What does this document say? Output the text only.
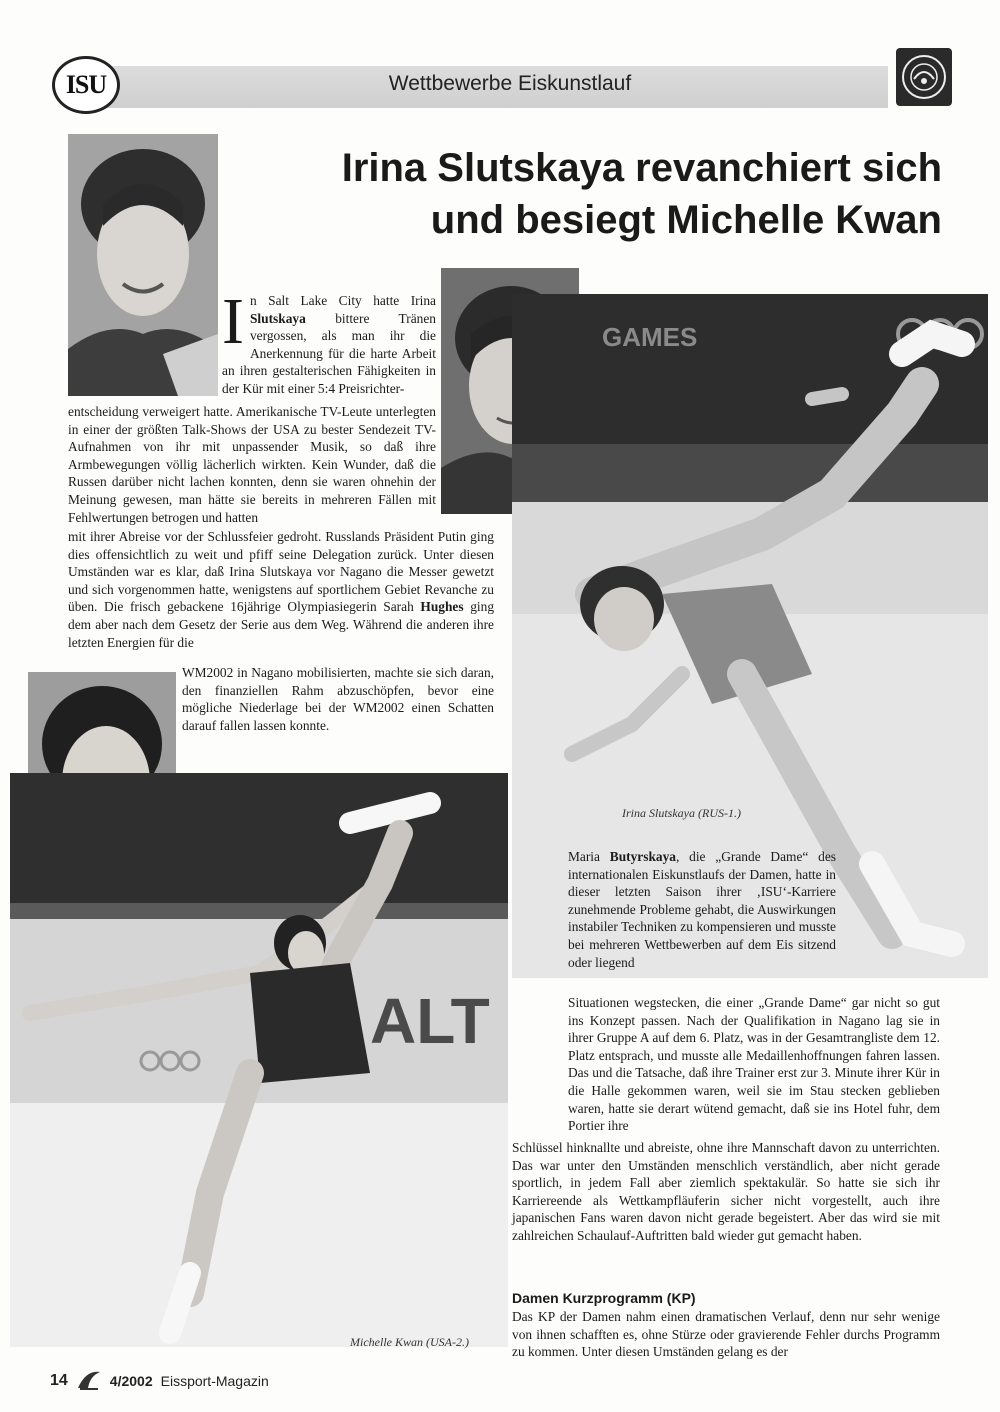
Wettbewerbe Eiskunstlauf
ISU
Irina Slutskaya revanchiert sich
und besiegt Michelle Kwan
GAMES
Irina Slutskaya (RUS-1.)
ALT
Michelle Kwan (USA-2.)
In Salt Lake City hatte Irina Slutskaya bittere Tränen vergossen, als man ihr die Anerkennung für die harte Arbeit an ihren gestalterischen Fähigkeiten in der Kür mit einer 5:4 Preisrichter-
entscheidung verweigert hatte. Amerikanische TV-Leute unterlegten in einer der größten Talk-Shows der USA zu bester Sendezeit TV-Aufnahmen von ihr mit unpassender Musik, so daß ihre Armbewegungen völlig lächerlich wirkten. Kein Wunder, daß die Russen darüber nicht lachen konnten, denn sie waren ohnehin der Meinung gewesen, man hätte sie bereits in mehreren Fällen mit Fehlwertungen betrogen und hatten
mit ihrer Abreise vor der Schlussfeier gedroht. Russlands Präsident Putin ging dies offensichtlich zu weit und pfiff seine Delegation zurück. Unter diesen Umständen war es klar, daß Irina Slutskaya vor Nagano die Messer gewetzt und sich vorgenommen hatte, wenigstens auf sportlichem Gebiet Revanche zu üben. Die frisch gebackene 16jährige Olympiasiegerin Sarah Hughes ging dem aber nach dem Gesetz der Serie aus dem Weg. Während die anderen ihre letzten Energien für die
WM2002 in Nagano mobilisierten, machte sie sich daran, den finanziellen Rahm abzuschöpfen, bevor eine mögliche Niederlage bei der WM2002 einen Schatten darauf fallen lassen konnte.
Maria Butyrskaya, die „Grande Dame“ des internationalen Eiskunstlaufs der Damen, hatte in dieser letzten Saison ihrer ‚ISU‘-Karriere zunehmende Probleme gehabt, die Auswirkungen instabiler Techniken zu kompensieren und musste bei mehreren Wettbewerben auf dem Eis sitzend oder liegend
Situationen wegstecken, die einer „Grande Dame“ gar nicht so gut ins Konzept passen. Nach der Qualifikation in Nagano lag sie in ihrer Gruppe A auf dem 6. Platz, was in der Gesamtrangliste dem 12. Platz entsprach, und musste alle Medaillenhoffnungen fahren lassen. Das und die Tatsache, daß ihre Trainer erst zur 3. Minute ihrer Kür in die Halle gekommen waren, weil sie im Stau stecken geblieben waren, hatte sie derart wütend gemacht, daß sie ins Hotel fuhr, dem Portier ihre
Schlüssel hinknallte und abreiste, ohne ihre Mannschaft davon zu unterrichten. Das war unter den Umständen menschlich verständlich, aber nicht gerade sportlich, in jedem Fall aber ziemlich spektakulär. So hatte sie sich ihr Karriereende als Wettkampfläuferin sicher nicht vorgestellt, auch ihre japanischen Fans waren davon nicht gerade begeistert. Aber das wird sie mit zahlreichen Schaulauf-Auftritten bald wieder gut gemacht haben.
Damen Kurzprogramm (KP)
Das KP der Damen nahm einen dramatischen Verlauf, denn nur sehr wenige von ihnen schafften es, ohne Stürze oder gravierende Fehler durchs Programm zu kommen. Unter diesen Umständen gelang es der
14	4/2002 Eissport-Magazin
